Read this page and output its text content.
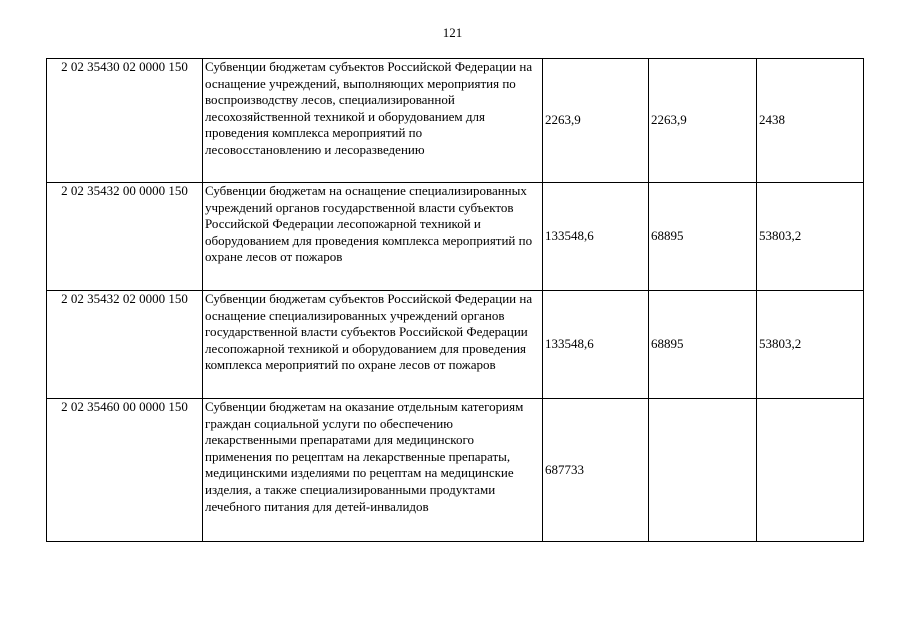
121
2 02 35430 02 0000 150	Субвенции бюджетам субъектов Российской Федерации на оснащение учреждений, выполняющих мероприятия по воспроизводству лесов, специализированной лесохозяйственной техникой и оборудованием для проведения комплекса мероприятий по лесовосстановлению и лесоразведению	2263,9	2263,9	2438
2 02 35432 00 0000 150	Субвенции бюджетам на оснащение специализированных учреждений органов государственной власти субъектов Российской Федерации лесопожарной техникой и оборудованием для проведения комплекса мероприятий по охране лесов от пожаров	133548,6	68895	53803,2
2 02 35432 02 0000 150	Субвенции бюджетам субъектов Российской Федерации на оснащение специализированных учреждений органов государственной власти субъектов Российской Федерации лесопожарной техникой и оборудованием для проведения комплекса мероприятий по охране лесов от пожаров	133548,6	68895	53803,2
2 02 35460 00 0000 150	Субвенции бюджетам на оказание отдельным категориям граждан социальной услуги по обеспечению лекарственными препаратами для медицинского применения по рецептам на лекарственные препараты, медицинскими изделиями по рецептам на медицинские изделия, а также специализированными продуктами лечебного питания для детей-инвалидов	687733		
